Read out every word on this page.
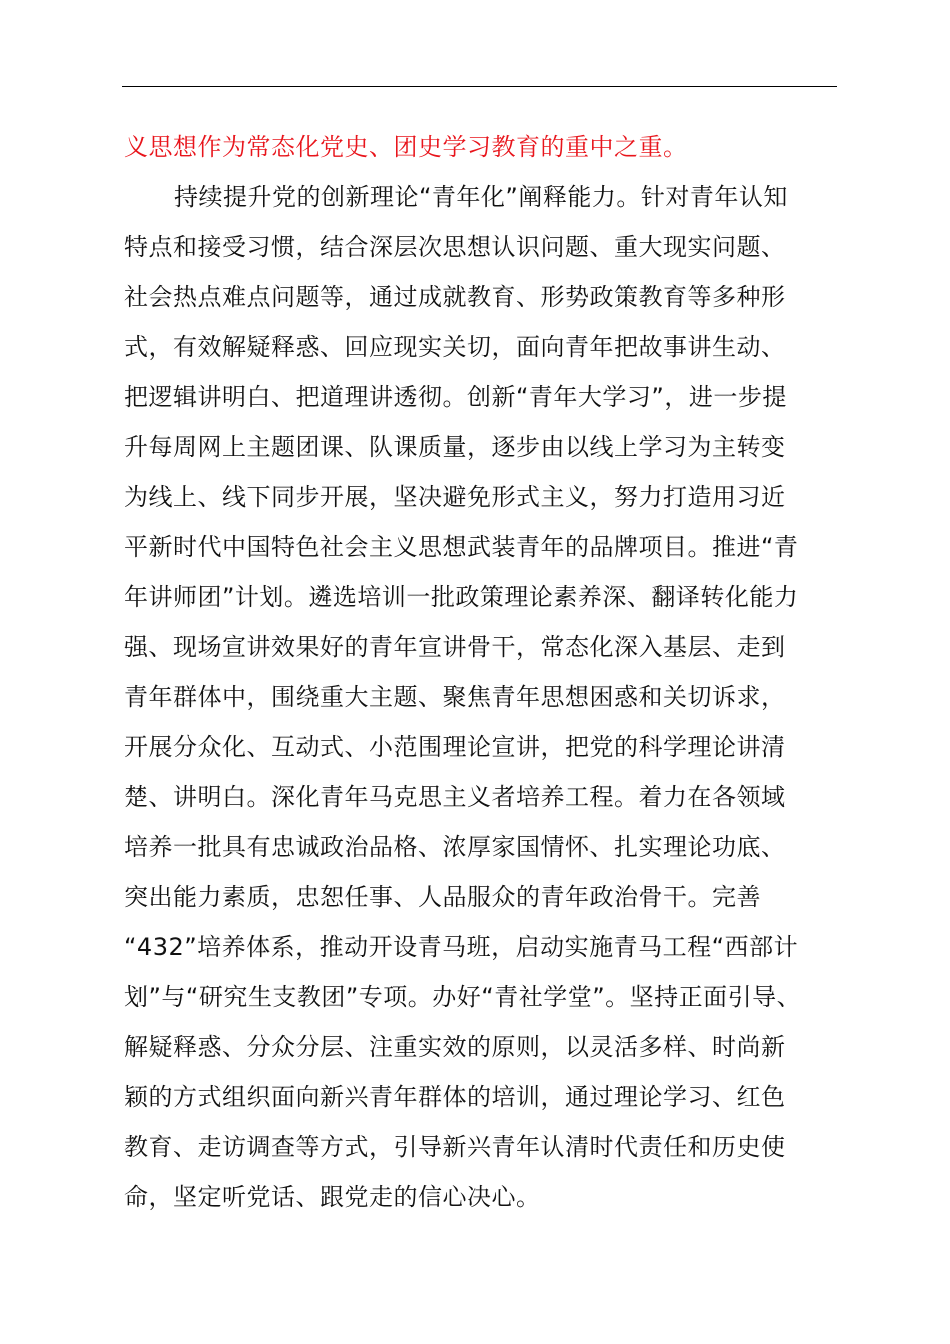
义思想作为常态化党史、团史学习教育的重中之重。
持续提升党的创新理论“青年化”阐释能力。针对青年认知
特点和接受习惯，结合深层次思想认识问题、重大现实问题、
社会热点难点问题等，通过成就教育、形势政策教育等多种形
式，有效解疑释惑、回应现实关切，面向青年把故事讲生动、
把逻辑讲明白、把道理讲透彻。创新“青年大学习”，进一步提
升每周网上主题团课、队课质量，逐步由以线上学习为主转变
为线上、线下同步开展，坚决避免形式主义，努力打造用习近
平新时代中国特色社会主义思想武装青年的品牌项目。推进“青
年讲师团”计划。遴选培训一批政策理论素养深、翻译转化能力
强、现场宣讲效果好的青年宣讲骨干，常态化深入基层、走到
青年群体中，围绕重大主题、聚焦青年思想困惑和关切诉求，
开展分众化、互动式、小范围理论宣讲，把党的科学理论讲清
楚、讲明白。深化青年马克思主义者培养工程。着力在各领域
培养一批具有忠诚政治品格、浓厚家国情怀、扎实理论功底、
突出能力素质，忠恕任事、人品服众的青年政治骨干。完善
“432”培养体系，推动开设青马班，启动实施青马工程“西部计
划”与“研究生支教团”专项。办好“青社学堂”。坚持正面引导、
解疑释惑、分众分层、注重实效的原则，以灵活多样、时尚新
颖的方式组织面向新兴青年群体的培训，通过理论学习、红色
教育、走访调查等方式，引导新兴青年认清时代责任和历史使
命，坚定听党话、跟党走的信心决心。
